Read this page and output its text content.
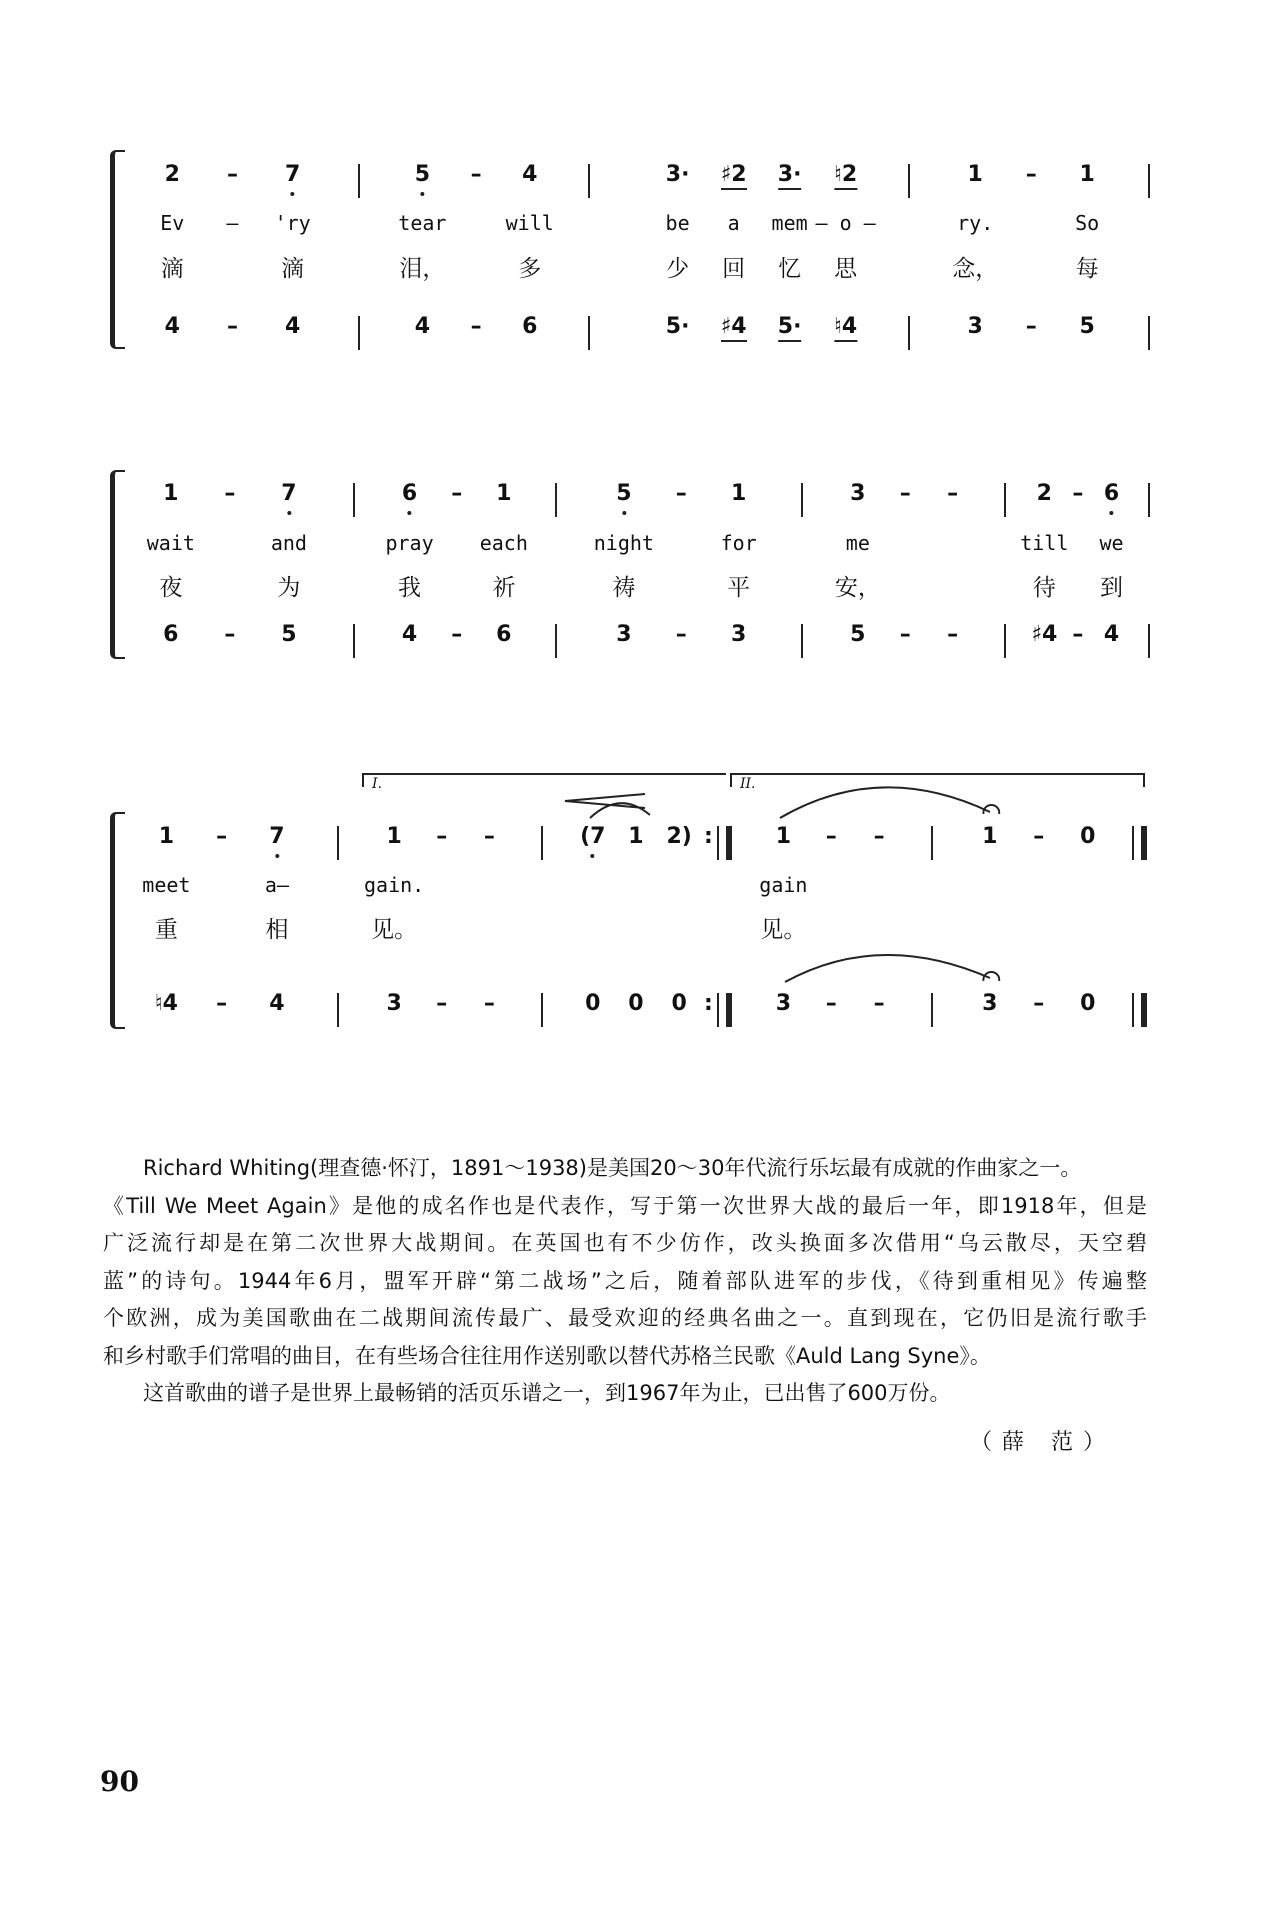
2 – 7	5 – 4	3· ♯2 3· ♮2	1 – 1
Ev – 'ry	tear	will	be a mem – o –	ry.	So
滴	滴	泪，	多	少 回 忆 思	念，	每
4 – 4	4 – 6	5· ♯4 5· ♮4	3 – 5
1 – 7	6 – 1	5 – 1	3 – –	2 – 6
wait	and	pray each	night	for	me	till we
夜	为	我	祈	祷	平	安，	待 到
6 – 5	4 – 6	3 – 3	5 – –	♯4 – 4
1 – 7	1 – –	(7 1 2)	1 – –	1 – 0
meet	a–	gain.	gain
重	相	见。	见。
♮4 – 4	3 – –	0 0 0	3 – –	3 – 0
I.	II.
:
:
Richard Whiting(理查德·怀汀，1891～1938)是美国20～30年代流行乐坛最有成就的作曲家之一。
《Till We Meet Again》是他的成名作也是代表作，写于第一次世界大战的最后一年，即1918年，但是
广泛流行却是在第二次世界大战期间。在英国也有不少仿作，改头换面多次借用“乌云散尽，天空碧
蓝”的诗句。1944年6月，盟军开辟“第二战场”之后，随着部队进军的步伐，《待到重相见》传遍整
个欧洲，成为美国歌曲在二战期间流传最广、最受欢迎的经典名曲之一。直到现在，它仍旧是流行歌手
和乡村歌手们常唱的曲目，在有些场合往往用作送别歌以替代苏格兰民歌《Auld Lang Syne》。
这首歌曲的谱子是世界上最畅销的活页乐谱之一，到1967年为止，已出售了600万份。
（薛 范）
90
